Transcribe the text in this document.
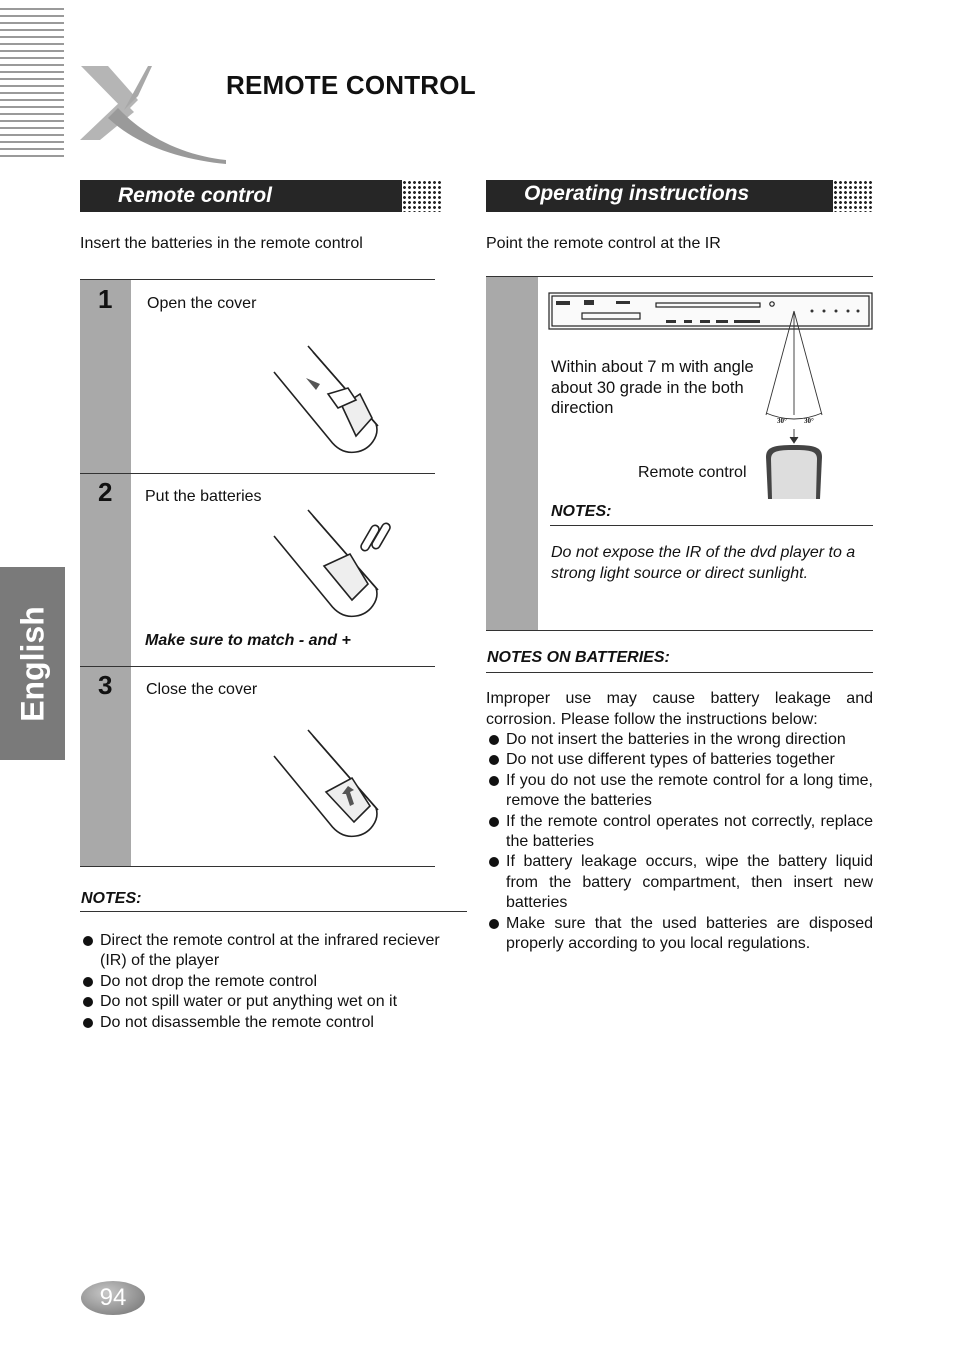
REMOTE CONTROL
Remote control
Insert the batteries in the remote control
1 Open the cover
2 Put the batteries
Make sure to match - and +
3 Close the cover
NOTES:
Direct the remote control at the infrared reciever (IR) of the player
Do not drop the remote control
Do not spill water or put anything wet on it
Do not disassemble the remote control
Operating instructions
Point the remote control at the IR
30° 30°
Within about 7 m with angle about 30 grade in the both direction
Remote control
NOTES:
Do not expose the IR of the dvd player to a strong light source or direct sunlight.
NOTES ON BATTERIES:
Improper use may cause battery leakage and corrosion. Please follow the instructions below:
Do not insert the batteries in the wrong direction
Do not use different types of batteries together
If you do not use the remote control for a long time, remove the batteries
If the remote control operates not correctly, replace the batteries
If battery leakage occurs, wipe the battery liquid from the battery compartment, then insert new batteries
Make sure that the used batteries are disposed properly according to you local regulations.
English
94
